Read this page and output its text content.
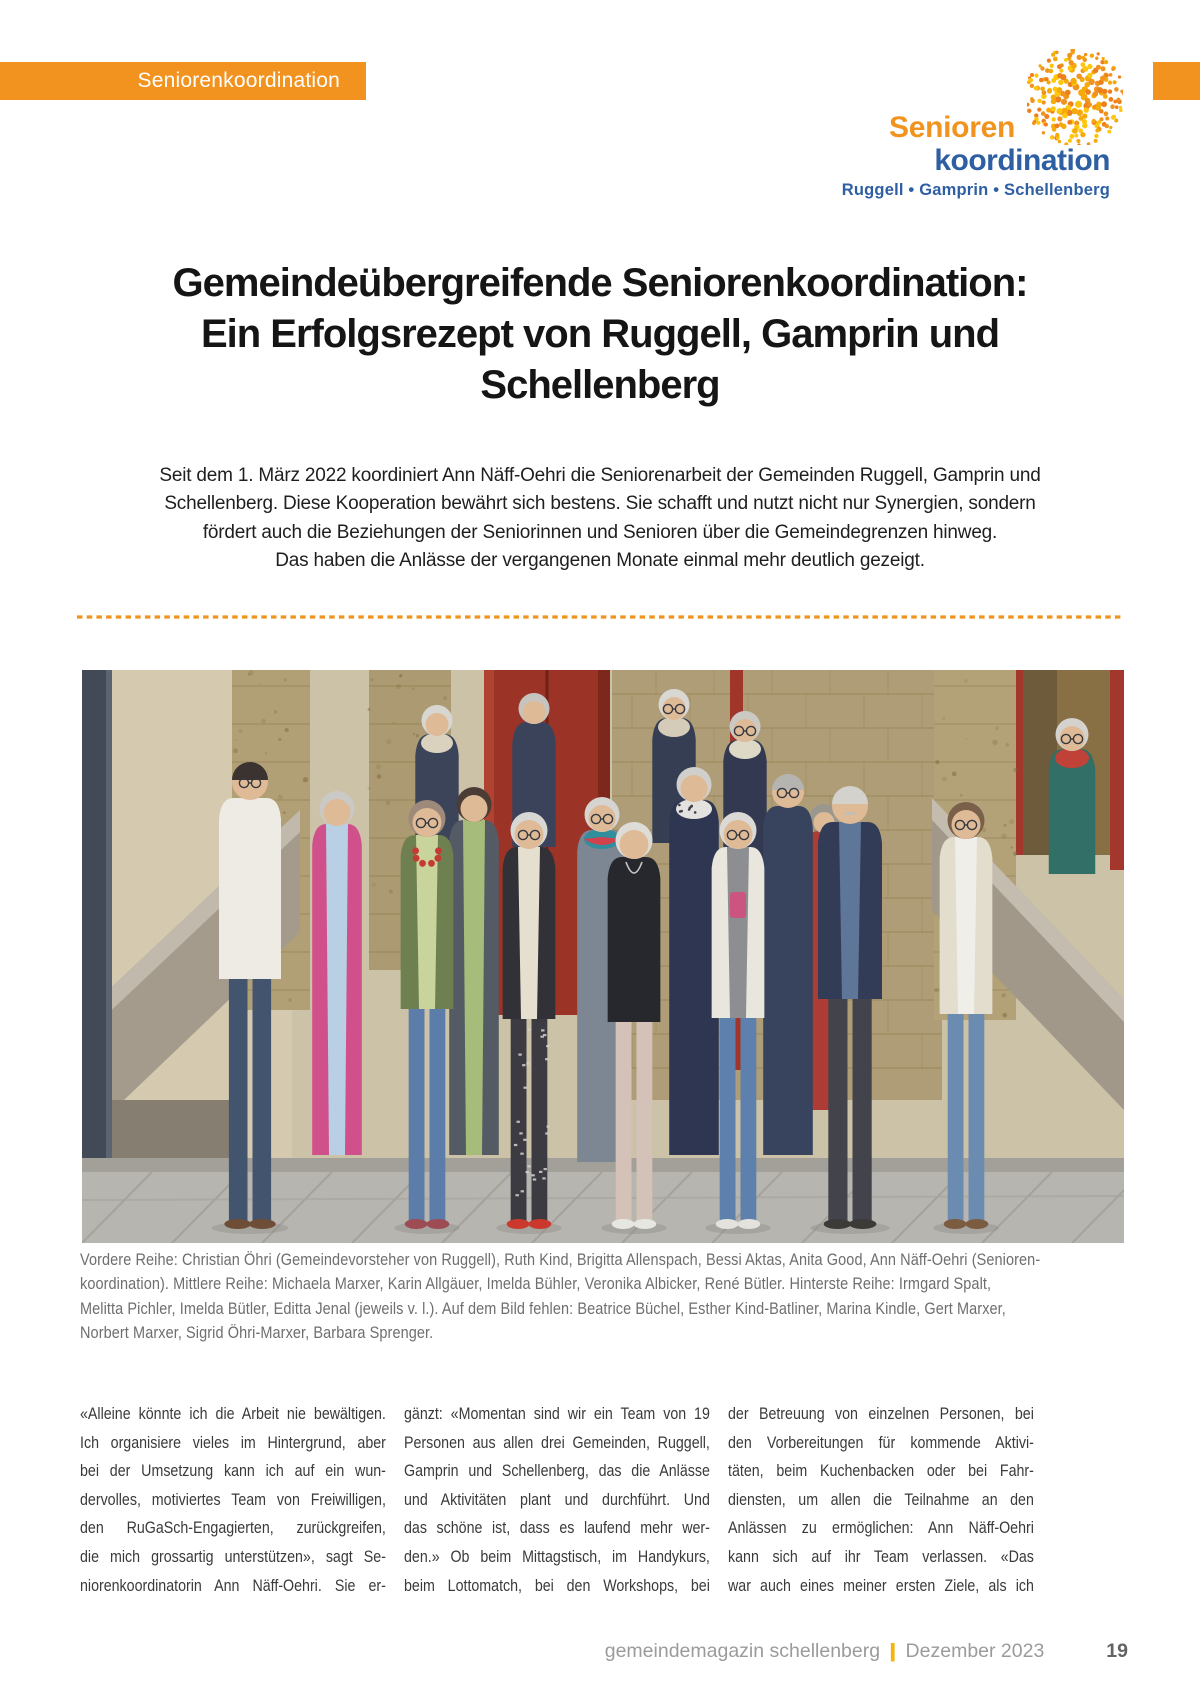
Seniorenkoordination
Senioren
koordination
Ruggell • Gamprin • Schellenberg
Gemeindeübergreifende Seniorenkoordination:
Ein Erfolgsrezept von Ruggell, Gamprin und
Schellenberg
Seit dem 1. März 2022 koordiniert Ann Näff-Oehri die Seniorenarbeit der Gemeinden Ruggell, Gamprin und
Schellenberg. Diese Kooperation bewährt sich bestens. Sie schafft und nutzt nicht nur Synergien, sondern
fördert auch die Beziehungen der Seniorinnen und Senioren über die Gemeindegrenzen hinweg.
Das haben die Anlässe der vergangenen Monate einmal mehr deutlich gezeigt.
Vordere Reihe: Christian Öhri (Gemeindevorsteher von Ruggell), Ruth Kind, Brigitta Allenspach, Bessi Aktas, Anita Good, Ann Näff-Oehri (Senioren-
koordination). Mittlere Reihe: Michaela Marxer, Karin Allgäuer, Imelda Bühler, Veronika Albicker, René Bütler. Hinterste Reihe: Irmgard Spalt,
Melitta Pichler, Imelda Bütler, Editta Jenal (jeweils v. l.). Auf dem Bild fehlen: Beatrice Büchel, Esther Kind-Batliner, Marina Kindle, Gert Marxer,
Norbert Marxer, Sigrid Öhri-Marxer, Barbara Sprenger.
«Alleine könnte ich die Arbeit nie bewältigen.
Ich organisiere vieles im Hintergrund, aber
bei der Umsetzung kann ich auf ein wun-
dervolles, motiviertes Team von Freiwilligen,
den RuGaSch-Engagierten, zurückgreifen,
die mich grossartig unterstützen», sagt Se-
niorenkoordinatorin Ann Näff-Oehri. Sie er-
gänzt: «Momentan sind wir ein Team von 19
Personen aus allen drei Gemeinden, Ruggell,
Gamprin und Schellenberg, das die Anlässe
und Aktivitäten plant und durchführt. Und
das schöne ist, dass es laufend mehr wer-
den.» Ob beim Mittagstisch, im Handykurs,
beim Lottomatch, bei den Workshops, bei
der Betreuung von einzelnen Personen, bei
den Vorbereitungen für kommende Aktivi-
täten, beim Kuchenbacken oder bei Fahr-
diensten, um allen die Teilnahme an den
Anlässen zu ermöglichen: Ann Näff-Oehri
kann sich auf ihr Team verlassen. «Das
war auch eines meiner ersten Ziele, als ich
gemeindemagazin schellenberg | Dezember 2023	19
